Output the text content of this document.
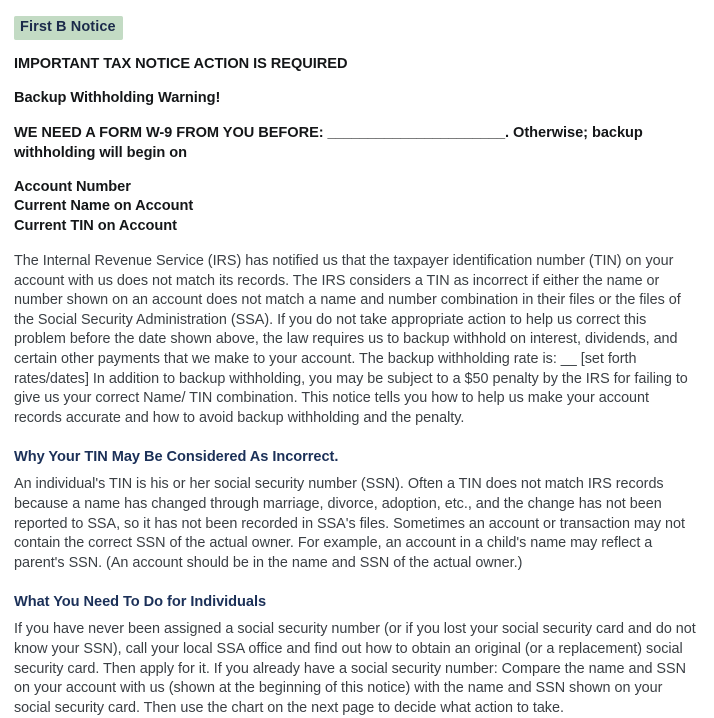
First B Notice
IMPORTANT TAX NOTICE ACTION IS REQUIRED
Backup Withholding Warning!
WE NEED A FORM W-9 FROM YOU BEFORE: ______________________. Otherwise; backup withholding will begin on
Account Number
Current Name on Account
Current TIN on Account

The Internal Revenue Service (IRS) has notified us that the taxpayer identification number (TIN) on your account with us does not match its records. The IRS considers a TIN as incorrect if either the name or number shown on an account does not match a name and number combination in their files or the files of the Social Security Administration (SSA). If you do not take appropriate action to help us correct this problem before the date shown above, the law requires us to backup withhold on interest, dividends, and certain other payments that we make to your account. The backup withholding rate is: __ [set forth rates/dates] In addition to backup withholding, you may be subject to a $50 penalty by the IRS for failing to give us your correct Name/ TIN combination. This notice tells you how to help us make your account records accurate and how to avoid backup withholding and the penalty.

Why Your TIN May Be Considered As Incorrect.

An individual's TIN is his or her social security number (SSN). Often a TIN does not match IRS records because a name has changed through marriage, divorce, adoption, etc., and the change has not been reported to SSA, so it has not been recorded in SSA's files. Sometimes an account or transaction may not contain the correct SSN of the actual owner. For example, an account in a child's name may reflect a parent's SSN. (An account should be in the name and SSN of the actual owner.)

What You Need To Do for Individuals

If you have never been assigned a social security number (or if you lost your social security card and do not know your SSN), call your local SSA office and find out how to obtain an original (or a replacement) social security card. Then apply for it. If you already have a social security number: Compare the name and SSN on your account with us (shown at the beginning of this notice) with the name and SSN shown on your social security card. Then use the chart on the next page to decide what action to take.
